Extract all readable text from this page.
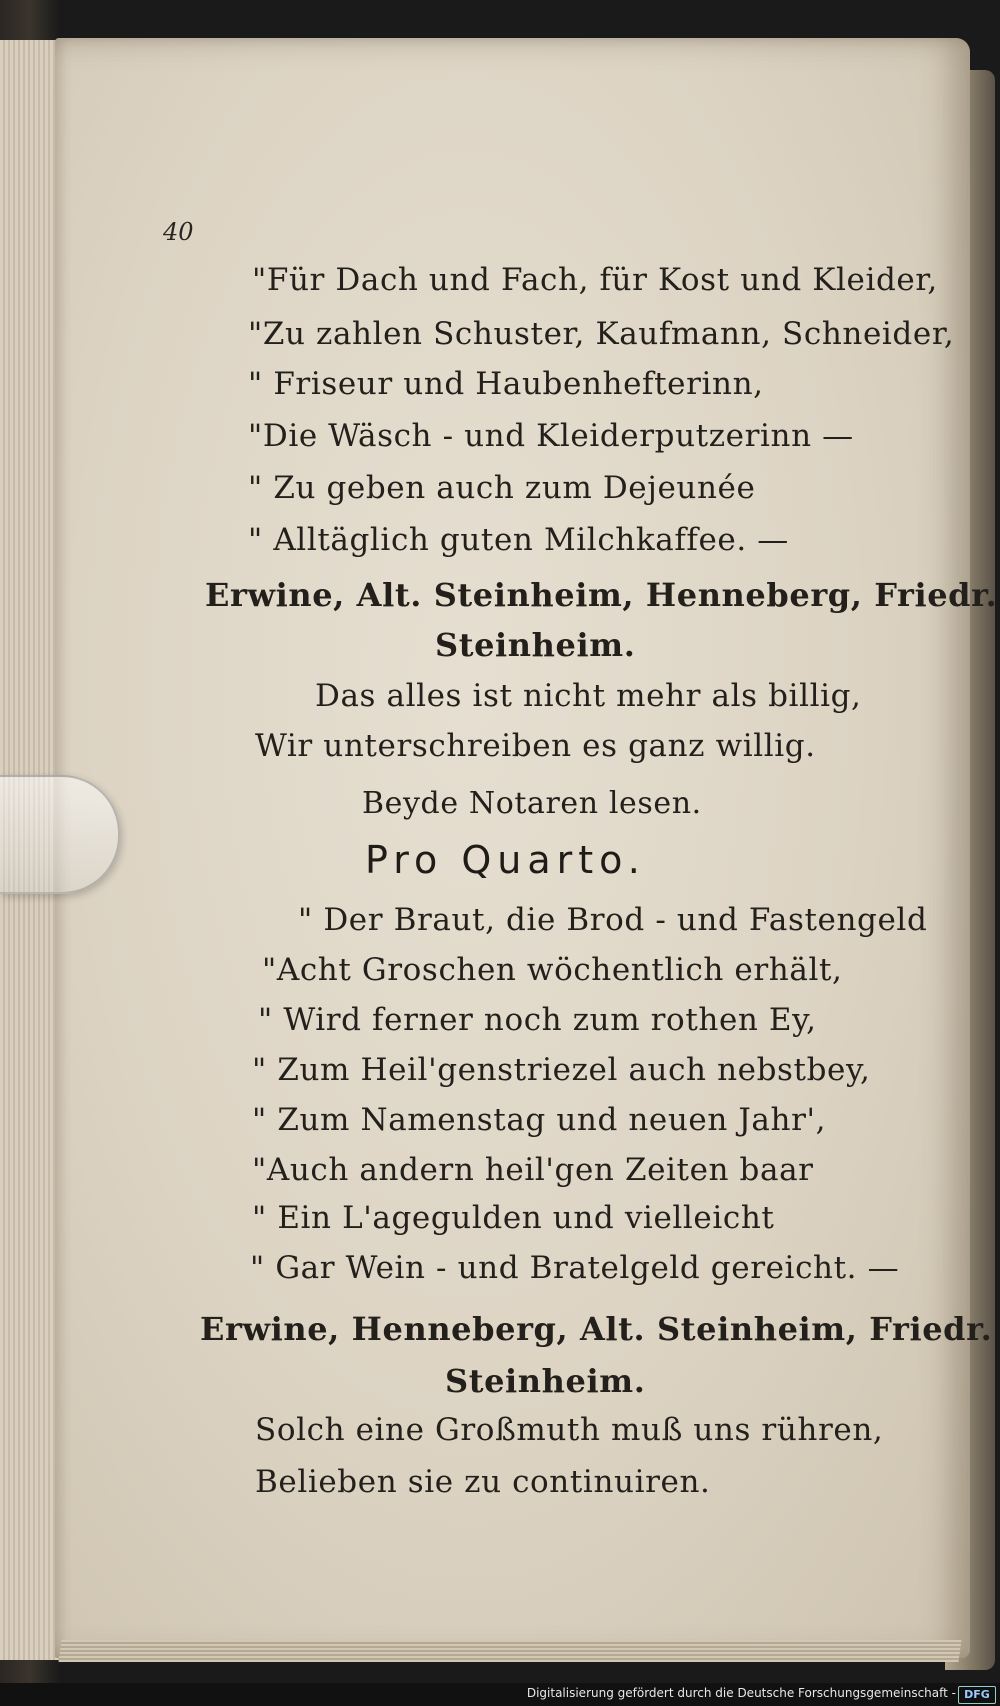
40
"Für Dach und Fach, für Kost und Kleider,
"Zu zahlen Schuster, Kaufmann, Schneider,
" Friseur und Haubenhefterinn,
"Die Wäsch - und Kleiderputzerinn —
" Zu geben auch zum Dejeunée
" Alltäglich guten Milchkaffee. —
Erwine, Alt. Steinheim, Henneberg, Friedr.
Steinheim.
Das alles ist nicht mehr als billig,
Wir unterschreiben es ganz willig.
Beyde Notaren lesen.
Pro Quarto.
" Der Braut, die Brod - und Fastengeld
"Acht Groschen wöchentlich erhält,
" Wird ferner noch zum rothen Ey,
" Zum Heil'genstriezel auch nebstbey,
" Zum Namenstag und neuen Jahr',
"Auch andern heil'gen Zeiten baar
" Ein L'agegulden und vielleicht
" Gar Wein - und Bratelgeld gereicht. —
Erwine, Henneberg, Alt. Steinheim, Friedr.
Steinheim.
Solch eine Großmuth muß uns rühren,
Belieben sie zu continuiren.
Digitalisierung gefördert durch die Deutsche Forschungsgemeinschaft - DFG
